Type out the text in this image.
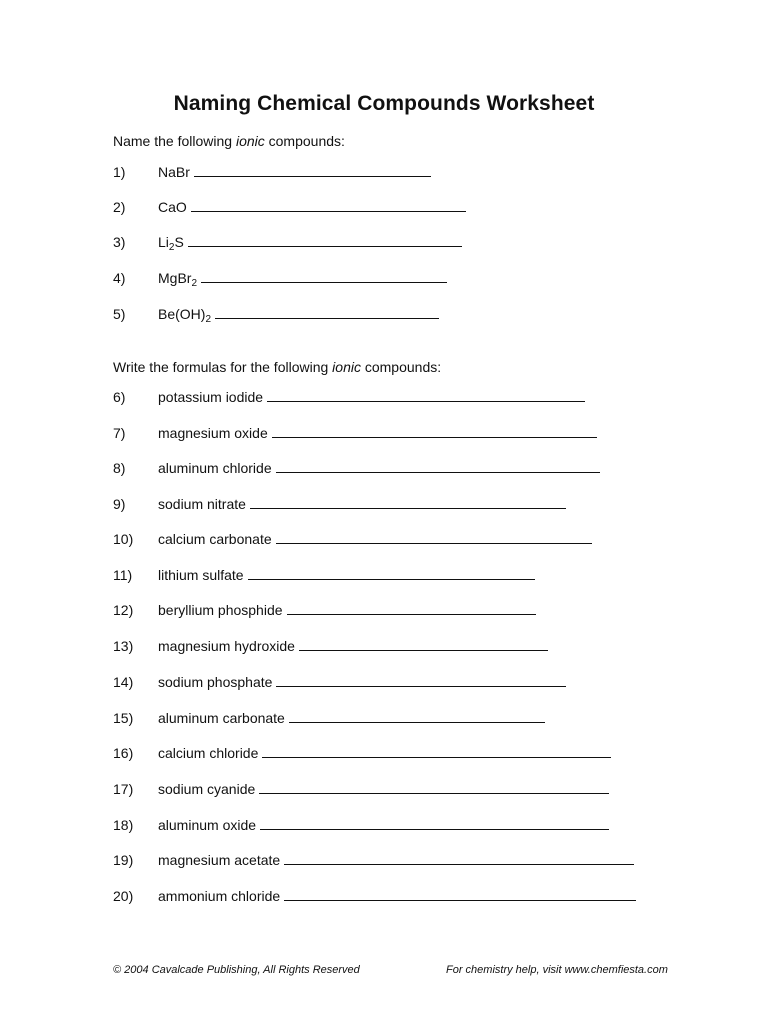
Naming Chemical Compounds Worksheet
Name the following ionic compounds:
1) NaBr
2) CaO
3) $Li_2S$
4) MgBr$_2$
5) $Be(OH)_2$
Write the formulas for the following ionic compounds:
6) potassium iodide
7) magnesium oxide
8) aluminum chloride
9) sodium nitrate
10) calcium carbonate
11) lithium sulfate
12) beryllium phosphide
13) magnesium hydroxide
14) sodium phosphate
15) aluminum carbonate
16) calcium chloride
17) sodium cyanide
18) aluminum oxide
19) magnesium acetate
20) ammonium chloride
© 2004 Cavalcade Publishing, All Rights Reserved	For chemistry help, visit www.chemfiesta.com
